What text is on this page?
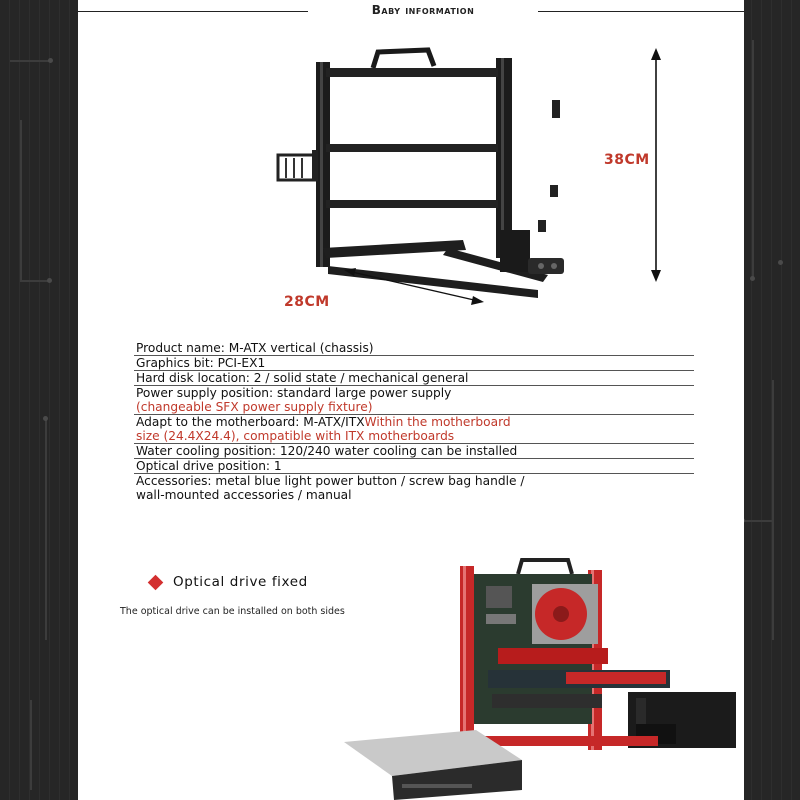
Baby information
38CM
28CM
Product name: M-ATX vertical (chassis)
Graphics bit: PCI-EX1
Hard disk location: 2 / solid state / mechanical general
Power supply position: standard large power supply
(changeable SFX power supply fixture)
Adapt to the motherboard: M-ATX/ITXWithin the motherboard
size (24.4X24.4), compatible with ITX motherboards
Water cooling position: 120/240 water cooling can be installed
Optical drive position: 1
Accessories: metal blue light power button / screw bag handle /
wall-mounted accessories / manual
Optical drive fixed
The optical drive can be installed on both sides
